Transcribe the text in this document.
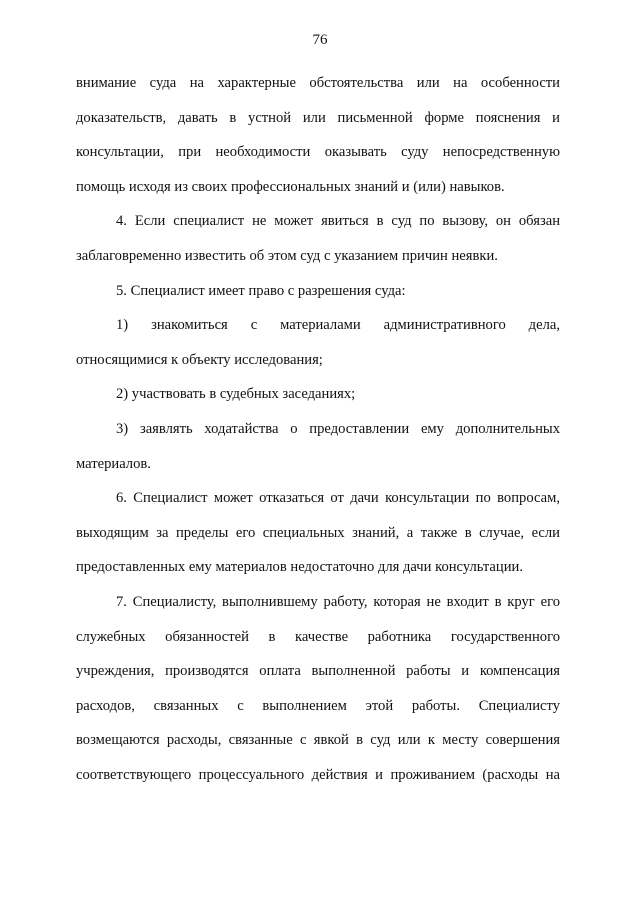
76
внимание суда на характерные обстоятельства или на особенности
доказательств, давать в устной или письменной форме пояснения и
консультации, при необходимости оказывать суду непосредственную
помощь исходя из своих профессиональных знаний и (или) навыков.
4. Если специалист не может явиться в суд по вызову, он обязан
заблаговременно известить об этом суд с указанием причин неявки.
5. Специалист имеет право с разрешения суда:
1) знакомиться с материалами административного дела,
относящимися к объекту исследования;
2) участвовать в судебных заседаниях;
3) заявлять ходатайства о предоставлении ему дополнительных
материалов.
6. Специалист может отказаться от дачи консультации по вопросам,
выходящим за пределы его специальных знаний, а также в случае, если
предоставленных ему материалов недостаточно для дачи консультации.
7. Специалисту, выполнившему работу, которая не входит в круг его
служебных обязанностей в качестве работника государственного
учреждения, производятся оплата выполненной работы и компенсация
расходов, связанных с выполнением этой работы. Специалисту
возмещаются расходы, связанные с явкой в суд или к месту совершения
соответствующего процессуального действия и проживанием (расходы на
